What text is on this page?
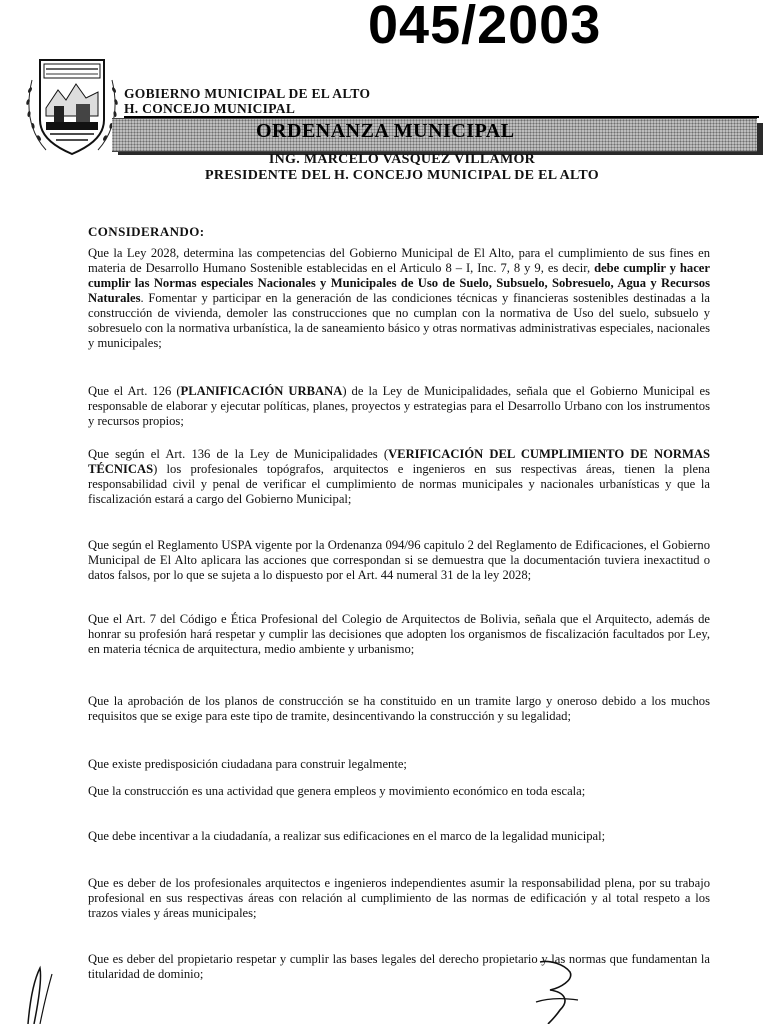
045/2003
GOBIERNO MUNICIPAL DE EL ALTO
H. CONCEJO MUNICIPAL
ORDENANZA MUNICIPAL
ING. MARCELO VASQUEZ VILLAMOR
PRESIDENTE DEL H. CONCEJO MUNICIPAL DE EL ALTO
CONSIDERANDO:
Que la Ley 2028, determina las competencias del Gobierno Municipal de El Alto, para el cumplimiento de sus fines en materia de Desarrollo Humano Sostenible establecidas en el Articulo 8 – I, Inc. 7, 8 y 9, es decir, debe cumplir y hacer cumplir las Normas especiales Nacionales y Municipales de Uso de Suelo, Subsuelo, Sobresuelo, Agua y Recursos Naturales. Fomentar y participar en la generación de las condiciones técnicas y financieras sostenibles destinadas a la construcción de vivienda, demoler las construcciones que no cumplan con la normativa de Uso del suelo, subsuelo y sobresuelo con la normativa urbanística, la de saneamiento básico y otras normativas administrativas especiales, nacionales y municipales;
Que el Art. 126 (PLANIFICACIÓN URBANA) de la Ley de Municipalidades, señala que el Gobierno Municipal es responsable de elaborar y ejecutar políticas, planes, proyectos y estrategias para el Desarrollo Urbano con los instrumentos y recursos propios;
Que según el Art. 136 de la Ley de Municipalidades (VERIFICACIÓN DEL CUMPLIMIENTO DE NORMAS TÉCNICAS) los profesionales topógrafos, arquitectos e ingenieros en sus respectivas áreas, tienen la plena responsabilidad civil y penal de verificar el cumplimiento de normas municipales y nacionales urbanísticas y que la fiscalización estará a cargo del Gobierno Municipal;
Que según el Reglamento USPA vigente por la Ordenanza 094/96 capitulo 2 del Reglamento de Edificaciones, el Gobierno Municipal de El Alto aplicara las acciones que correspondan si se demuestra que la documentación tuviera inexactitud o datos falsos, por lo que se sujeta a lo dispuesto por el Art. 44 numeral 31 de la ley 2028;
Que el Art. 7 del Código e Ética Profesional del Colegio de Arquitectos de Bolivia, señala que el Arquitecto, además de honrar su profesión hará respetar y cumplir las decisiones que adopten los organismos de fiscalización facultados por Ley, en materia técnica de arquitectura, medio ambiente y urbanismo;
Que la aprobación de los planos de construcción se ha constituido en un tramite largo y oneroso debido a los muchos requisitos que se exige para este tipo de tramite, desincentivando la construcción y su legalidad;
Que existe predisposición ciudadana para construir legalmente;
Que la construcción es una actividad que genera empleos y movimiento económico en toda escala;
Que debe incentivar a la ciudadanía, a realizar sus edificaciones en el marco de la legalidad municipal;
Que es deber de los profesionales arquitectos e ingenieros independientes asumir la responsabilidad plena, por su trabajo profesional en sus respectivas áreas con relación al cumplimiento de las normas de edificación y al total respeto a los trazos viales y áreas municipales;
Que es deber del propietario respetar y cumplir las bases legales del derecho propietario y las normas que fundamentan la titularidad de dominio;
